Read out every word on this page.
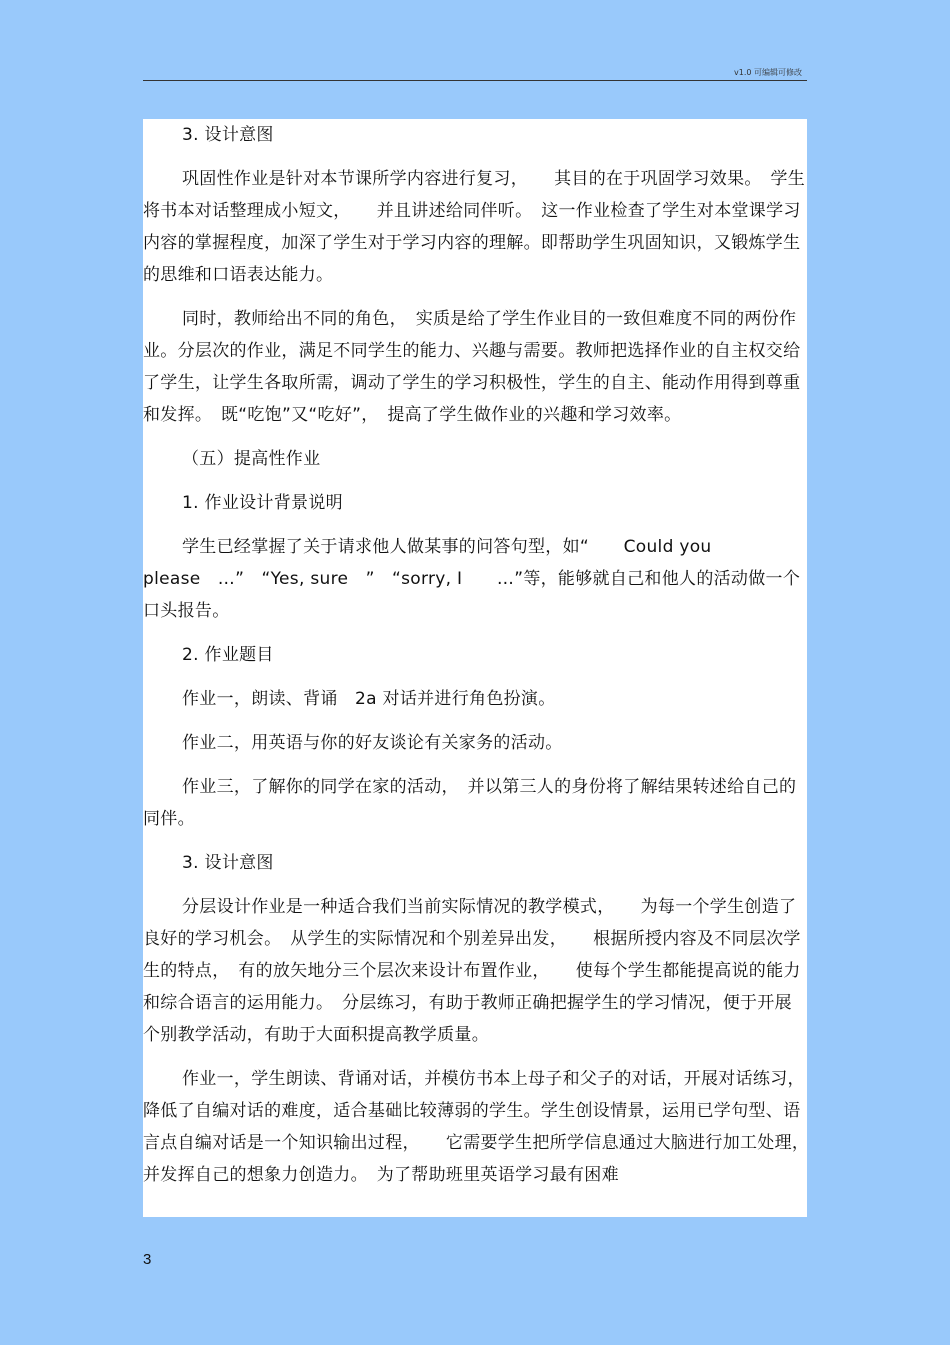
v1.0 可编辑可修改

3. 设计意图

巩固性作业是针对本节课所学内容进行复习，　　其目的在于巩固学习效果。　学生将书本对话整理成小短文，　　并且讲述给同伴听。　这一作业检查了学生对本堂课学习内容的掌握程度，加深了学生对于学习内容的理解。即帮助学生巩固知识，又锻炼学生的思维和口语表达能力。

同时，教师给出不同的角色，　实质是给了学生作业目的一致但难度不同的两份作业。分层次的作业，满足不同学生的能力、兴趣与需要。教师把选择作业的自主权交给了学生，让学生各取所需，调动了学生的学习积极性，学生的自主、能动作用得到尊重和发挥。　既“吃饱”又“吃好”，　提高了学生做作业的兴趣和学习效率。

（五）提高性作业

1. 作业设计背景说明

学生已经掌握了关于请求他人做某事的问答句型，如“　　Could you please　…”　“Yes, sure　”　“sorry, I　　…”等，能够就自己和他人的活动做一个口头报告。

2. 作业题目

作业一，朗读、背诵　2a 对话并进行角色扮演。

作业二，用英语与你的好友谈论有关家务的活动。

作业三，了解你的同学在家的活动，　并以第三人的身份将了解结果转述给自己的同伴。

3. 设计意图

分层设计作业是一种适合我们当前实际情况的教学模式，　　为每一个学生创造了良好的学习机会。　从学生的实际情况和个别差异出发，　　根据所授内容及不同层次学生的特点，　有的放矢地分三个层次来设计布置作业，　　使每个学生都能提高说的能力和综合语言的运用能力。　分层练习，有助于教师正确把握学生的学习情况，便于开展个别教学活动，有助于大面积提高教学质量。

作业一，学生朗读、背诵对话，并模仿书本上母子和父子的对话，开展对话练习，降低了自编对话的难度，适合基础比较薄弱的学生。学生创设情景，运用已学句型、语言点自编对话是一个知识输出过程，　　它需要学生把所学信息通过大脑进行加工处理，　并发挥自己的想象力创造力。　为了帮助班里英语学习最有困难

3
